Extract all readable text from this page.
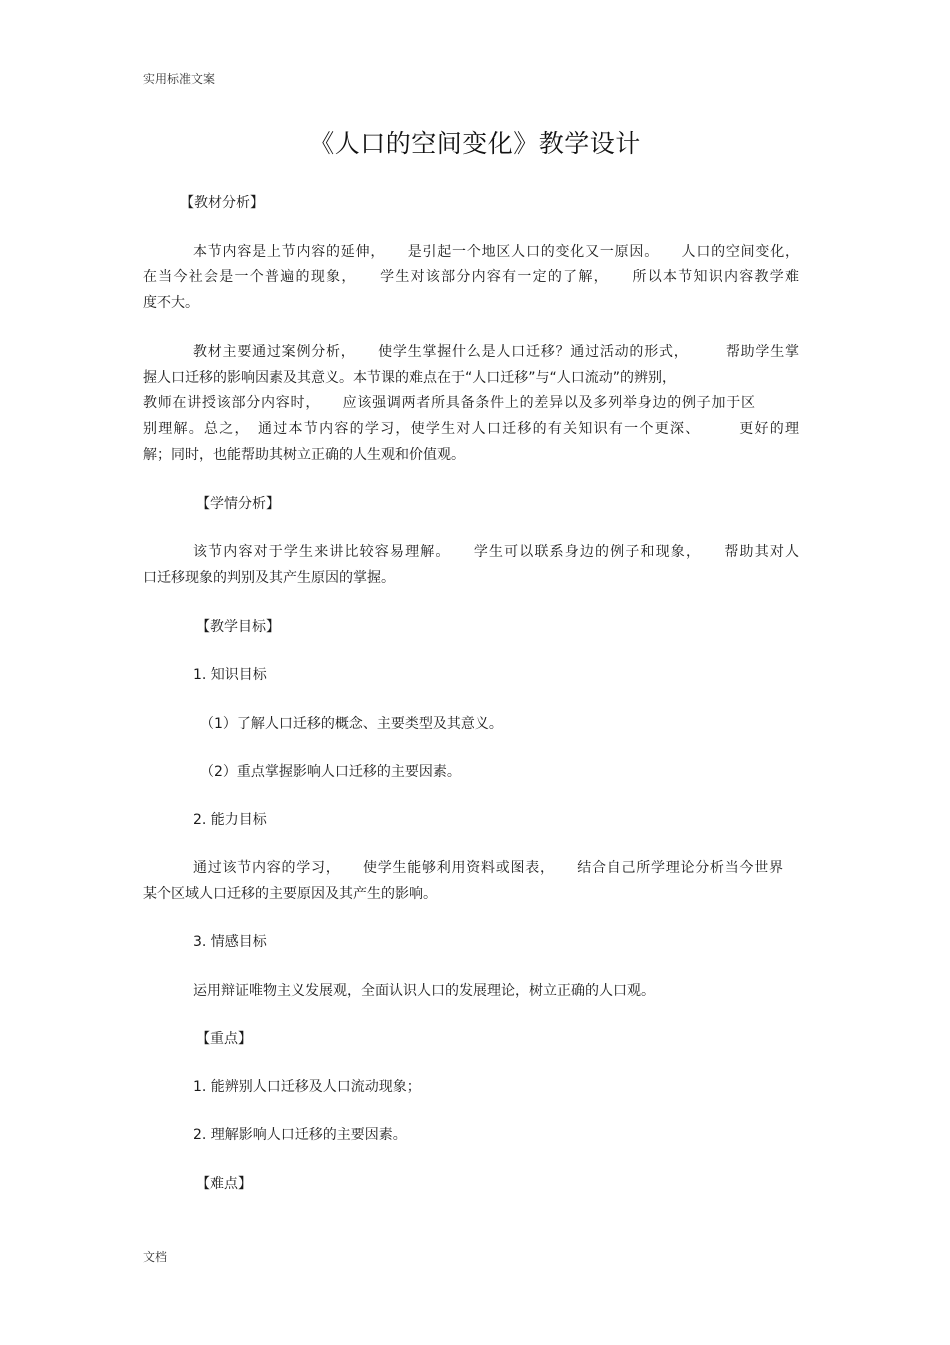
实用标准文案
《人口的空间变化》教学设计
【教材分析】
本节内容是上节内容的延伸，　　是引起一个地区人口的变化又一原因。　　人口的空间变化，
在当今社会是一个普遍的现象，　　学生对该部分内容有一定的了解，　　所以本节知识内容教学难
度不大。
教材主要通过案例分析，　　使学生掌握什么是人口迁移？通过活动的形式，　　　帮助学生掌
握人口迁移的影响因素及其意义。本节课的难点在于“人口迁移”与“人口流动”的辨别，
教师在讲授该部分内容时，　　应该强调两者所具备条件上的差异以及多列举身边的例子加于区
别理解。总之，　通过本节内容的学习，使学生对人口迁移的有关知识有一个更深、　　　更好的理
解；同时，也能帮助其树立正确的人生观和价值观。
【学情分析】
该节内容对于学生来讲比较容易理解。　　学生可以联系身边的例子和现象，　　帮助其对人
口迁移现象的判别及其产生原因的掌握。
【教学目标】
1. 知识目标
（1）了解人口迁移的概念、主要类型及其意义。
（2）重点掌握影响人口迁移的主要因素。
2. 能力目标
通过该节内容的学习，　　使学生能够利用资料或图表，　　结合自己所学理论分析当今世界
某个区域人口迁移的主要原因及其产生的影响。
3. 情感目标
运用辩证唯物主义发展观，全面认识人口的发展理论，树立正确的人口观。
【重点】
1. 能辨别人口迁移及人口流动现象；
2. 理解影响人口迁移的主要因素。
【难点】
文档
